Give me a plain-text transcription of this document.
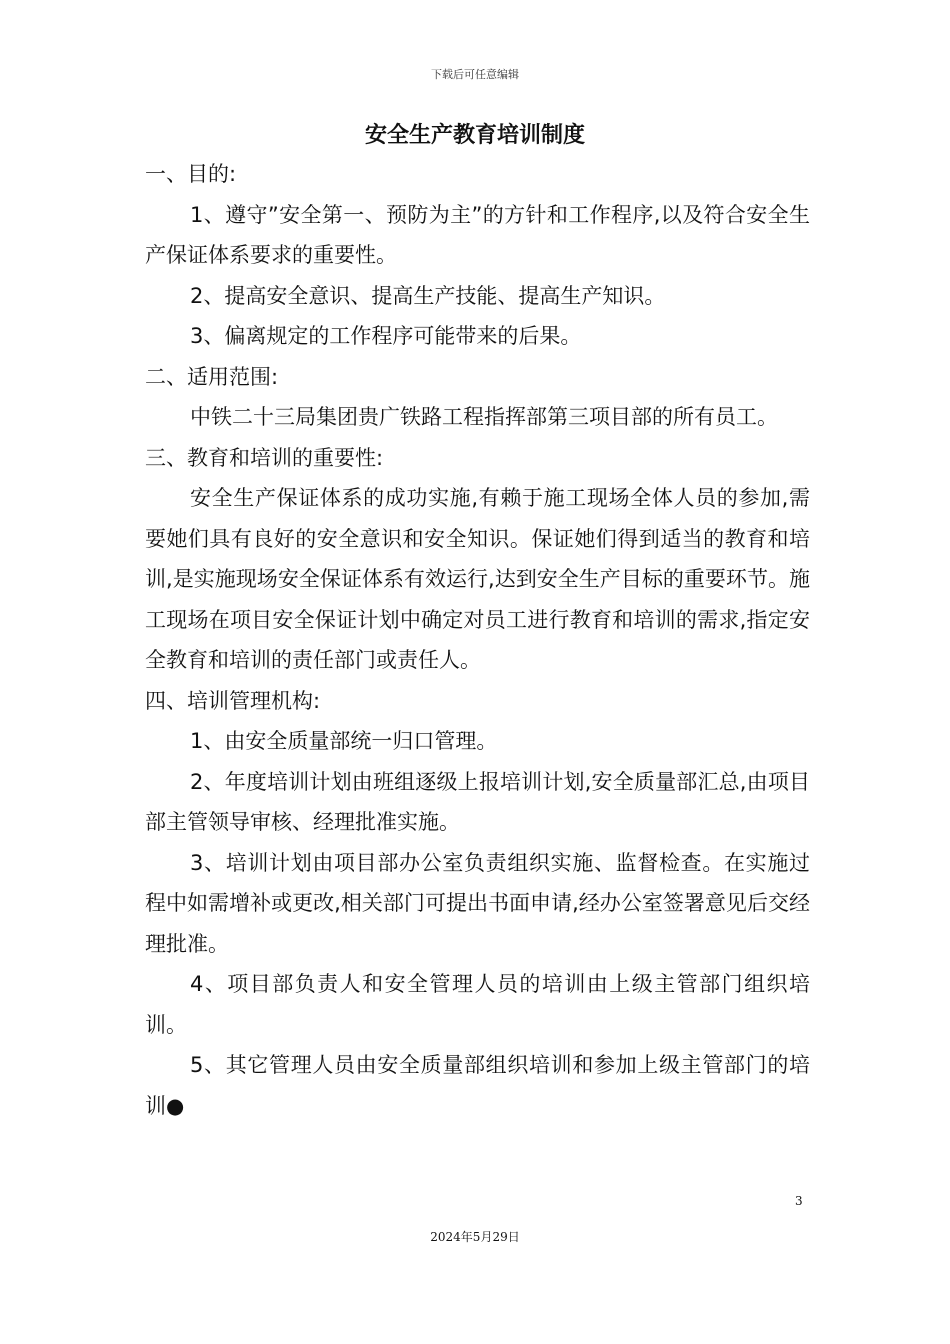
下载后可任意编辑
安全生产教育培训制度

一、目的:

1、遵守”安全第一、预防为主”的方针和工作程序,以及符合安全生产保证体系要求的重要性。

2、提高安全意识、提高生产技能、提高生产知识。

3、偏离规定的工作程序可能带来的后果。

二、适用范围:

中铁二十三局集团贵广铁路工程指挥部第三项目部的所有员工。

三、教育和培训的重要性:

安全生产保证体系的成功实施,有赖于施工现场全体人员的参加,需要她们具有良好的安全意识和安全知识。保证她们得到适当的教育和培训,是实施现场安全保证体系有效运行,达到安全生产目标的重要环节。施工现场在项目安全保证计划中确定对员工进行教育和培训的需求,指定安全教育和培训的责任部门或责任人。

四、培训管理机构:

1、由安全质量部统一归口管理。

2、年度培训计划由班组逐级上报培训计划,安全质量部汇总,由项目部主管领导审核、经理批准实施。

3、培训计划由项目部办公室负责组织实施、监督检查。在实施过程中如需增补或更改,相关部门可提出书面申请,经办公室签署意见后交经理批准。

4、项目部负责人和安全管理人员的培训由上级主管部门组织培训。

5、其它管理人员由安全质量部组织培训和参加上级主管部门的培训●

3
2024年5月29日
